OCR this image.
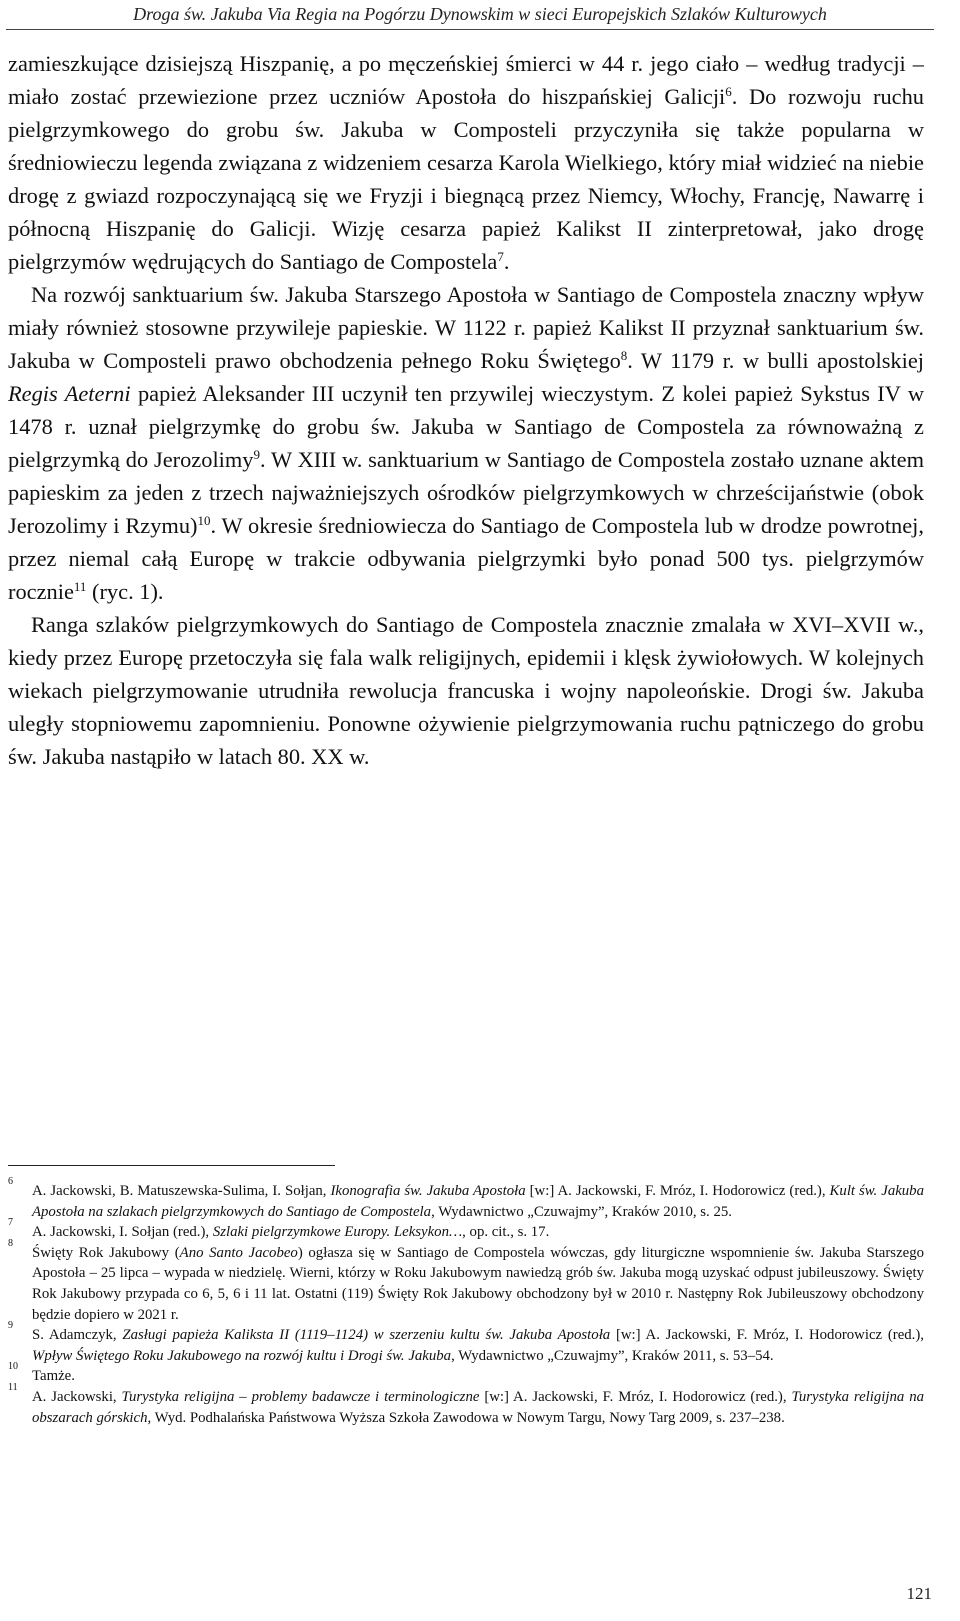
Droga św. Jakuba Via Regia na Pogórzu Dynowskim w sieci Europejskich Szlaków Kulturowych

zamieszkujące dzisiejszą Hiszpanię, a po męczeńskiej śmierci w 44 r. jego ciało – według tradycji – miało zostać przewiezione przez uczniów Apostoła do hiszpańskiej Galicji$^6$. Do rozwoju ruchu pielgrzymkowego do grobu św. Jakuba w Composteli przyczyniła się także popularna w średniowieczu legenda związana z widzeniem cesarza Karola Wielkiego, który miał widzieć na niebie drogę z gwiazd rozpoczynającą się we Fryzji i biegnącą przez Niemcy, Włochy, Francję, Nawarrę i północną Hiszpanię do Galicji. Wizję cesarza papież Kalikst II zinterpretował, jako drogę pielgrzymów wędrujących do Santiago de Compostela$^7$.

Na rozwój sanktuarium św. Jakuba Starszego Apostoła w Santiago de Compostela znaczny wpływ miały również stosowne przywileje papieskie. W 1122 r. papież Kalikst II przyznał sanktuarium św. Jakuba w Composteli prawo obchodzenia pełnego Roku Świętego$^8$. W 1179 r. w bulli apostolskiej Regis Aeterni papież Aleksander III uczynił ten przywilej wieczystym. Z kolei papież Sykstus IV w 1478 r. uznał pielgrzymkę do grobu św. Jakuba w Santiago de Compostela za równoważną z pielgrzymką do Jerozolimy$^9$. W XIII w. sanktuarium w Santiago de Compostela zostało uznane aktem papieskim za jeden z trzech najważniejszych ośrodków pielgrzymkowych w chrześcijaństwie (obok Jerozolimy i Rzymu)$^{10}$. W okresie średniowiecza do Santiago de Compostela lub w drodze powrotnej, przez niemal całą Europę w trakcie odbywania pielgrzymki było ponad 500 tys. pielgrzymów rocznie$^{11}$ (ryc. 1).

Ranga szlaków pielgrzymkowych do Santiago de Compostela znacznie zmalała w XVI–XVII w., kiedy przez Europę przetoczyła się fala walk religijnych, epidemii i klęsk żywiołowych. W kolejnych wiekach pielgrzymowanie utrudniła rewolucja francuska i wojny napoleońskie. Drogi św. Jakuba uległy stopniowemu zapomnieniu. Ponowne ożywienie pielgrzymowania ruchu pątniczego do grobu św. Jakuba nastąpiło w latach 80. XX w.

6
A. Jackowski, B. Matuszewska-Sulima, I. Sołjan, Ikonografia św. Jakuba Apostoła [w:] A. Jackowski, F. Mróz, I. Hodorowicz (red.), Kult św. Jakuba Apostoła na szlakach pielgrzymkowych do Santiago de Compostela, Wydawnictwo „Czuwajmy”, Kraków 2010, s. 25.
7
A. Jackowski, I. Sołjan (red.), Szlaki pielgrzymkowe Europy. Leksykon…, op. cit., s. 17.
8
Święty Rok Jakubowy (Ano Santo Jacobeo) ogłasza się w Santiago de Compostela wówczas, gdy liturgiczne wspomnienie św. Jakuba Starszego Apostoła – 25 lipca – wypada w niedzielę. Wierni, którzy w Roku Jakubowym nawiedzą grób św. Jakuba mogą uzyskać odpust jubileuszowy. Święty Rok Jakubowy przypada co 6, 5, 6 i 11 lat. Ostatni (119) Święty Rok Jakubowy obchodzony był w 2010 r. Następny Rok Jubileuszowy obchodzony będzie dopiero w 2021 r.
9
S. Adamczyk, Zasługi papieża Kaliksta II (1119–1124) w szerzeniu kultu św. Jakuba Apostoła [w:] A. Jackowski, F. Mróz, I. Hodorowicz (red.), Wpływ Świętego Roku Jakubowego na rozwój kultu i Drogi św. Jakuba, Wydawnictwo „Czuwajmy”, Kraków 2011, s. 53–54.
10
Tamże.
11
A. Jackowski, Turystyka religijna – problemy badawcze i terminologiczne [w:] A. Jackowski, F. Mróz, I. Hodorowicz (red.), Turystyka religijna na obszarach górskich, Wyd. Podhalańska Państwowa Wyższa Szkoła Zawodowa w Nowym Targu, Nowy Targ 2009, s. 237–238.
121
